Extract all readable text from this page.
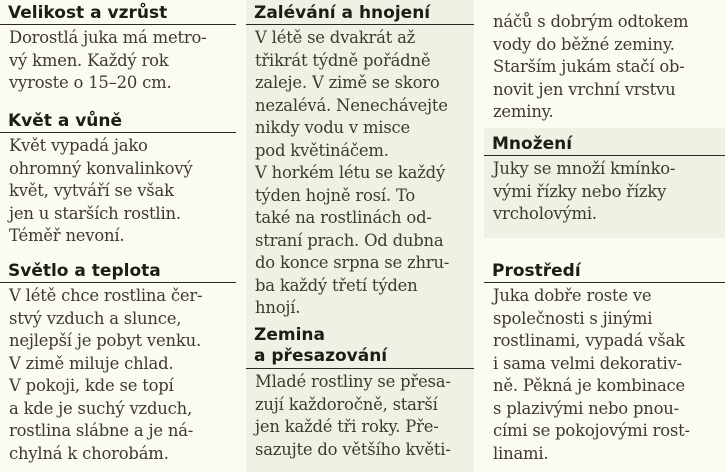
Velikost a vzrůst
Dorostlá juka má metro-
vý kmen. Každý rok
vyroste o 15–20 cm.
Květ a vůně
Květ vypadá jako
ohromný konvalinkový
květ, vytváří se však
jen u starších rostlin.
Téměř nevoní.
Světlo a teplota
V létě chce rostlina čer-
stvý vzduch a slunce,
nejlepší je pobyt venku.
V zimě miluje chlad.
V pokoji, kde se topí
a kde je suchý vzduch,
rostlina slábne a je ná-
chylná k chorobám.
Zalévání a hnojení
V létě se dvakrát až
třikrát týdně pořádně
zaleje. V zimě se skoro
nezalévá. Nenechávejte
nikdy vodu v misce
pod květináčem.
V horkém létu se každý
týden hojně rosí. To
také na rostlinách od-
straní prach. Od dubna
do konce srpna se zhru-
ba každý třetí týden
hnojí.
Zemina
a přesazování
Mladé rostliny se přesa-
zují každoročně, starší
jen každé tři roky. Pře-
sazujte do většího květi-
náčů s dobrým odtokem
vody do běžné zeminy.
Starším jukám stačí ob-
novit jen vrchní vrstvu
zeminy.
Množení
Juky se množí kmínko-
vými řízky nebo řízky
vrcholovými.
Prostředí
Juka dobře roste ve
společnosti s jinými
rostlinami, vypadá však
i sama velmi dekorativ-
ně. Pěkná je kombinace
s plazivými nebo pnou-
cími se pokojovými rost-
linami.
